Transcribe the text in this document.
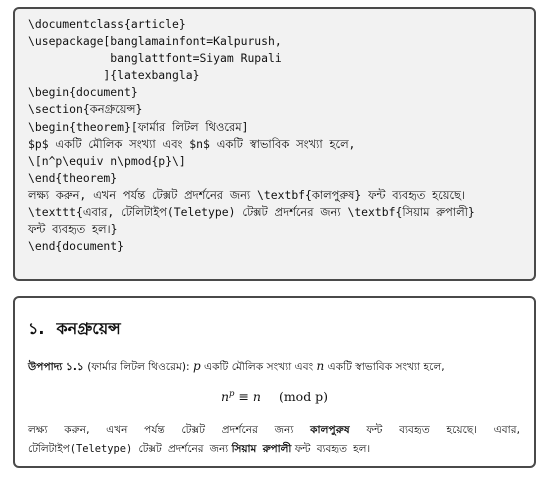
\documentclass{article}
\usepackage[banglamainfont=Kalpurush,
banglattfont=Siyam Rupali
]{latexbangla}
\begin{document}
\section{কনগ্রুয়েন্স}
\begin{theorem}[ফার্মার লিটল থিওরেম]
$p$ একটি মৌলিক সংখ্যা এবং $n$ একটি স্বাভাবিক সংখ্যা হলে,
\[n^p\equiv n\pmod{p}\]
\end{theorem}
লক্ষ্য করুন, এখন পর্যন্ত টেক্সট প্রদর্শনের জন্য \textbf{কালপুরুষ} ফন্ট ব্যবহৃত হয়েছে।
\texttt{এবার, টেলিটাইপ(Teletype) টেক্সট প্রদর্শনের জন্য \textbf{সিয়াম রুপালী}
ফন্ট ব্যবহৃত হল।}
\end{document}
১. কনগ্রুয়েন্স
উপপাদ্য ১.১ (ফার্মার লিটল থিওরেম): p একটি মৌলিক সংখ্যা এবং n একটি স্বাভাবিক সংখ্যা হলে,
$n^p \equiv n$ (mod p)
লক্ষ্য করুন, এখন পর্যন্ত টেক্সট প্রদর্শনের জন্য কালপুরুষ ফন্ট ব্যবহৃত হয়েছে। এবার,
টেলিটাইপ(Teletype) টেক্সট প্রদর্শনের জন্য সিয়াম রুপালী ফন্ট ব্যবহৃত হল।
